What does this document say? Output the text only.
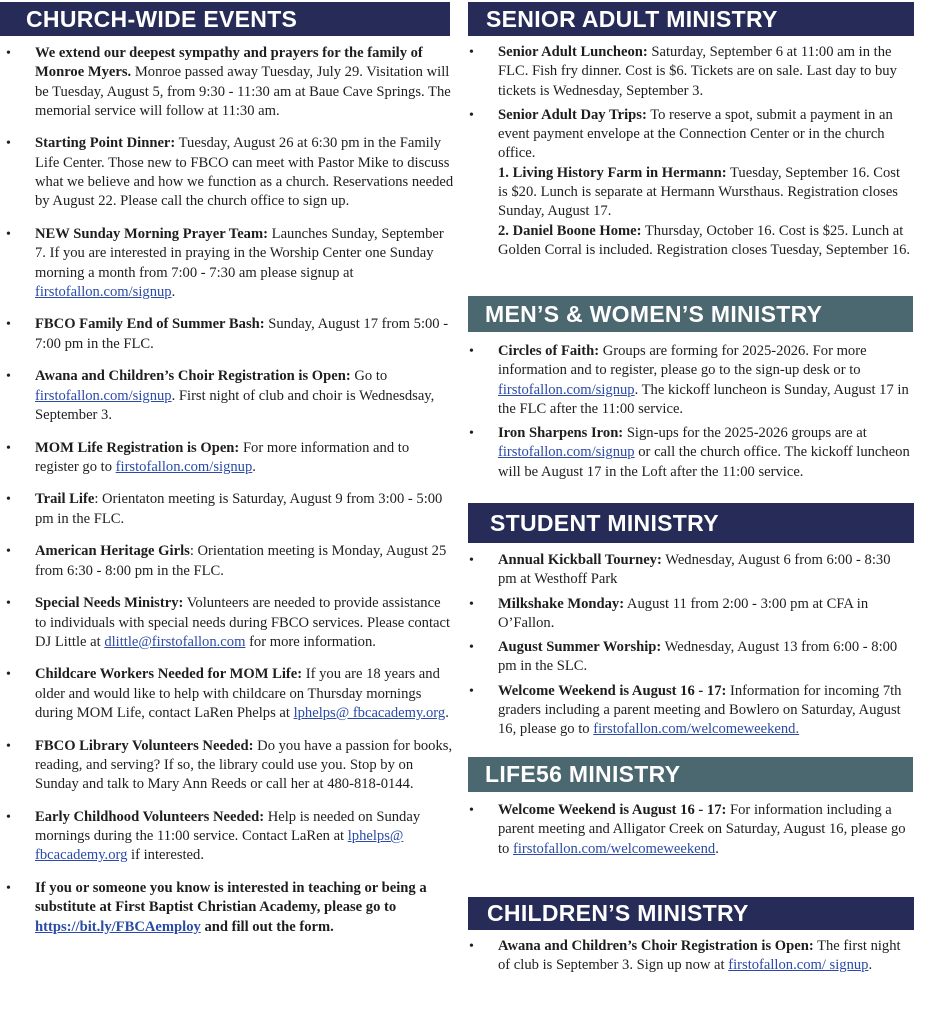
CHURCH-WIDE EVENTS
• We extend our deepest sympathy and prayers for the family of Monroe Myers. Monroe passed away Tuesday, July 29. Visitation will be Tuesday, August 5, from 9:30 - 11:30 am at Baue Cave Springs. The memorial service will follow at 11:30 am.
• Starting Point Dinner: Tuesday, August 26 at 6:30 pm in the Family Life Center. Those new to FBCO can meet with Pastor Mike to discuss what we believe and how we function as a church. Reservations needed by August 22. Please call the church office to sign up.
• NEW Sunday Morning Prayer Team: Launches Sunday, September 7. If you are interested in praying in the Worship Center one Sunday morning a month from 7:00 - 7:30 am please signup at firstofallon.com/signup.
• FBCO Family End of Summer Bash: Sunday, August 17 from 5:00 - 7:00 pm in the FLC.
• Awana and Children’s Choir Registration is Open: Go to firstofallon.com/signup. First night of club and choir is Wednesdsay, September 3.
• MOM Life Registration is Open: For more information and to register go to firstofallon.com/signup.
• Trail Life: Orientaton meeting is Saturday, August 9 from 3:00 - 5:00 pm in the FLC.
• American Heritage Girls: Orientation meeting is Monday, August 25 from 6:30 - 8:00 pm in the FLC.
• Special Needs Ministry: Volunteers are needed to provide assistance to individuals with special needs during FBCO services. Please contact DJ Little at dlittle@firstofallon.com for more information.
• Childcare Workers Needed for MOM Life: If you are 18 years and older and would like to help with childcare on Thursday mornings during MOM Life, contact LaRen Phelps at lphelps@ fbcacademy.org.
• FBCO Library Volunteers Needed: Do you have a passion for books, reading, and serving? If so, the library could use you. Stop by on Sunday and talk to Mary Ann Reeds or call her at 480-818-0144.
• Early Childhood Volunteers Needed: Help is needed on Sunday mornings during the 11:00 service. Contact LaRen at lphelps@ fbcacademy.org if interested.
• If you or someone you know is interested in teaching or being a substitute at First Baptist Christian Academy, please go to https://bit.ly/FBCAemploy and fill out the form.
SENIOR ADULT MINISTRY
• Senior Adult Luncheon: Saturday, September 6 at 11:00 am in the FLC. Fish fry dinner. Cost is $6. Tickets are on sale. Last day to buy tickets is Wednesday, September 3.
• Senior Adult Day Trips: To reserve a spot, submit a payment in an event payment envelope at the Connection Center or in the church office.
1. Living History Farm in Hermann: Tuesday, September 16. Cost is $20. Lunch is separate at Hermann Wursthaus. Registration closes Sunday, August 17.
2. Daniel Boone Home: Thursday, October 16. Cost is $25. Lunch at Golden Corral is included. Registration closes Tuesday, September 16.
MEN’S & WOMEN’S MINISTRY
• Circles of Faith: Groups are forming for 2025-2026. For more information and to register, please go to the sign-up desk or to firstofallon.com/signup. The kickoff luncheon is Sunday, August 17 in the FLC after the 11:00 service.
• Iron Sharpens Iron: Sign-ups for the 2025-2026 groups are at firstofallon.com/signup or call the church office. The kickoff luncheon will be August 17 in the Loft after the 11:00 service.
STUDENT MINISTRY
• Annual Kickball Tourney: Wednesday, August 6 from 6:00 - 8:30 pm at Westhoff Park
• Milkshake Monday: August 11 from 2:00 - 3:00 pm at CFA in O’Fallon.
• August Summer Worship: Wednesday, August 13 from 6:00 - 8:00 pm in the SLC.
• Welcome Weekend is August 16 - 17: Information for incoming 7th graders including a parent meeting and Bowlero on Saturday, August 16, please go to firstofallon.com/welcomeweekend.
LIFE56 MINISTRY
• Welcome Weekend is August 16 - 17: For information including a parent meeting and Alligator Creek on Saturday, August 16, please go to firstofallon.com/welcomeweekend.
CHILDREN’S MINISTRY
• Awana and Children’s Choir Registration is Open: The first night of club is September 3. Sign up now at firstofallon.com/ signup.
